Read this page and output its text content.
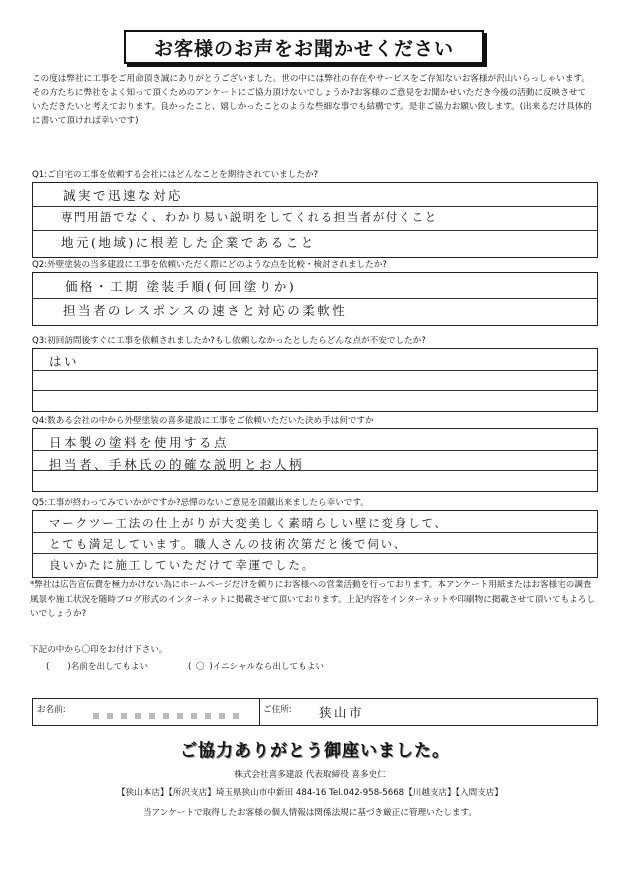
お客様のお声をお聞かせください
この度は弊社に工事をご用命頂き誠にありがとうございました。世の中には弊社の存在やサービスをご存知ないお客様が沢山いらっしゃいます。その方たちに弊社をよく知って頂くためのアンケートにご協力頂けないでしょうか?お客様のご意見をお聞かせいただき今後の活動に反映させていただきたいと考えております。良かったこと、嬉しかったことのような些細な事でも結構です。是非ご協力お願い致します。(出来るだけ具体的に書いて頂ければ幸いです)
Q1:ご自宅の工事を依頼する会社にはどんなことを期待されていましたか?
誠実で迅速な対応
専門用語でなく、わかり易い説明をしてくれる担当者が付くこと
地元(地域)に根差した企業であること
Q2:外壁塗装の当多建設に工事を依頼いただく際にどのような点を比較・検討されましたか?
価格・工期 塗装手順(何回塗りか)
担当者のレスポンスの速さと対応の柔軟性
Q3:初回訪問後すぐに工事を依頼されましたか?もし依頼しなかったとしたらどんな点が不安でしたか?
はい
Q4:数ある会社の中から外壁塗装の喜多建設に工事をご依頼いただいた決め手は何ですか
日本製の塗料を使用する点
担当者、手林氏の的確な説明とお人柄
Q5:工事が終わってみていかがですか?忌憚のないご意見を頂戴出来ましたら幸いです。
マークツー工法の仕上がりが大変美しく素晴らしい壁に変身して、
とても満足しています。職人さんの技術次第だと後で伺い、
良いかたに施工していただけて幸運でした。
*弊社は広告宣伝費を極力かけない為にホームページだけを頼りにお客様への営業活動を行っております。本アンケート用紙またはお客様宅の調査風景や施工状況を随時ブログ形式のインターネットに掲載させて頂いております。上記内容をインターネットや印刷物に掲載させて頂いてもよろしいでしょうか?
下記の中から〇印をお付け下さい。
( )名前を出してもよい	( 〇 )イニシャルなら出してもよい
お名前:	ご住所: 狭山市
ご協力ありがとう御座いました。
株式会社喜多建設 代表取締役 喜多史仁
【狭山本店】【所沢支店】埼玉県狭山市中新田 484-16 Tel.042-958-5668【川越支店】【入間支店】
当アンケートで取得したお客様の個人情報は関係法規に基づき厳正に管理いたします。
